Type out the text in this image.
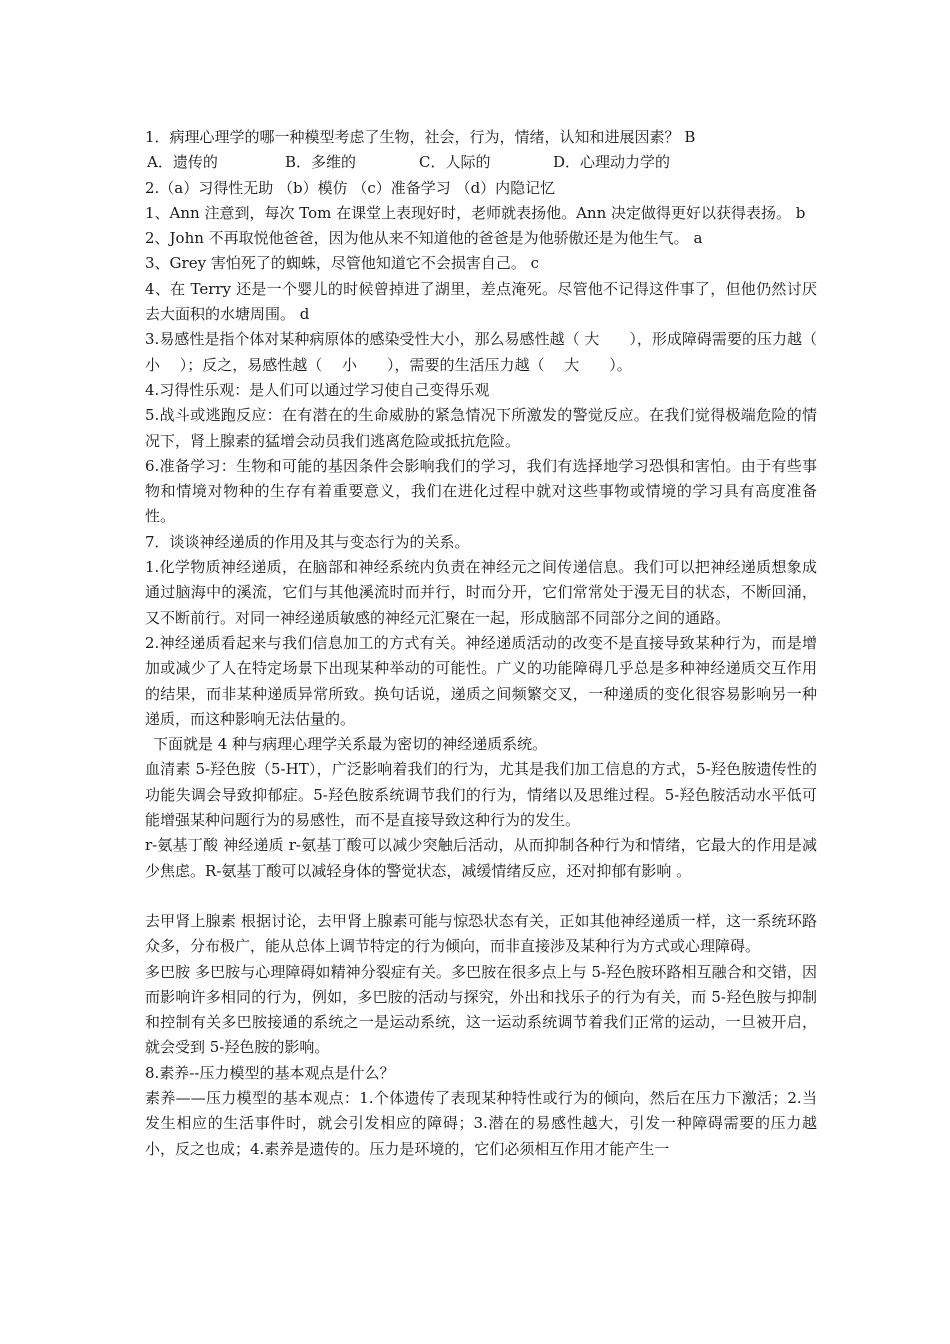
1．病理心理学的哪一种模型考虑了生物，社会，行为，情绪，认知和进展因素？ B

A．遗传的	B．多维的	C．人际的	D．心理动力学的

2.（a）习得性无助 （b）模仿 （c）准备学习 （d）内隐记忆

1、Ann 注意到，每次 Tom 在课堂上表现好时，老师就表扬他。Ann 决定做得更好以获得表扬。 b

2、John 不再取悦他爸爸，因为他从来不知道他的爸爸是为他骄傲还是为他生气。 a

3、Grey 害怕死了的蜘蛛，尽管他知道它不会损害自己。 c

4、在 Terry 还是一个婴儿的时候曾掉进了湖里，差点淹死。尽管他不记得这件事了，但他仍然讨厌去大面积的水塘周围。 d

3.易感性是指个体对某种病原体的感染受性大小，那么易感性越（ 大　　），形成障碍需要的压力越（ 小　 ）；反之，易感性越（　 小　　），需要的生活压力越（　 大　　）。

4.习得性乐观：是人们可以通过学习使自己变得乐观

5.战斗或逃跑反应：在有潜在的生命威胁的紧急情况下所激发的警觉反应。在我们觉得极端危险的情况下，肾上腺素的猛增会动员我们逃离危险或抵抗危险。

6.准备学习：生物和可能的基因条件会影响我们的学习，我们有选择地学习恐惧和害怕。由于有些事物和情境对物种的生存有着重要意义，我们在进化过程中就对这些事物或情境的学习具有高度准备性。

7．谈谈神经递质的作用及其与变态行为的关系。

1.化学物质神经递质，在脑部和神经系统内负责在神经元之间传递信息。我们可以把神经递质想象成通过脑海中的溪流，它们与其他溪流时而并行，时而分开，它们常常处于漫无目的状态，不断回涌，又不断前行。对同一神经递质敏感的神经元汇聚在一起，形成脑部不同部分之间的通路。

2.神经递质看起来与我们信息加工的方式有关。神经递质活动的改变不是直接导致某种行为，而是增加或减少了人在特定场景下出现某种举动的可能性。广义的功能障碍几乎总是多种神经递质交互作用的结果，而非某种递质异常所致。换句话说，递质之间频繁交叉，一种递质的变化很容易影响另一种递质，而这种影响无法估量的。

下面就是 4 种与病理心理学关系最为密切的神经递质系统。

血清素 5-羟色胺（5-HT），广泛影响着我们的行为，尤其是我们加工信息的方式，5-羟色胺遗传性的功能失调会导致抑郁症。5-羟色胺系统调节我们的行为，情绪以及思维过程。5-羟色胺活动水平低可能增强某种问题行为的易感性，而不是直接导致这种行为的发生。

r-氨基丁酸 神经递质 r-氨基丁酸可以减少突触后活动，从而抑制各种行为和情绪，它最大的作用是减少焦虑。R-氨基丁酸可以减轻身体的警觉状态，减缓情绪反应，还对抑郁有影响 。

去甲肾上腺素 根据讨论，去甲肾上腺素可能与惊恐状态有关，正如其他神经递质一样，这一系统环路众多，分布极广，能从总体上调节特定的行为倾向，而非直接涉及某种行为方式或心理障碍。

多巴胺 多巴胺与心理障碍如精神分裂症有关。多巴胺在很多点上与 5-羟色胺环路相互融合和交错，因而影响许多相同的行为，例如，多巴胺的活动与探究，外出和找乐子的行为有关，而 5-羟色胺与抑制和控制有关多巴胺接通的系统之一是运动系统，这一运动系统调节着我们正常的运动，一旦被开启，就会受到 5-羟色胺的影响。

8.素养--压力模型的基本观点是什么？

素养——压力模型的基本观点：1.个体遗传了表现某种特性或行为的倾向，然后在压力下激活；2.当发生相应的生活事件时，就会引发相应的障碍；3.潜在的易感性越大，引发一种障碍需要的压力越小，反之也成；4.素养是遗传的。压力是环境的，它们必须相互作用才能产生一
